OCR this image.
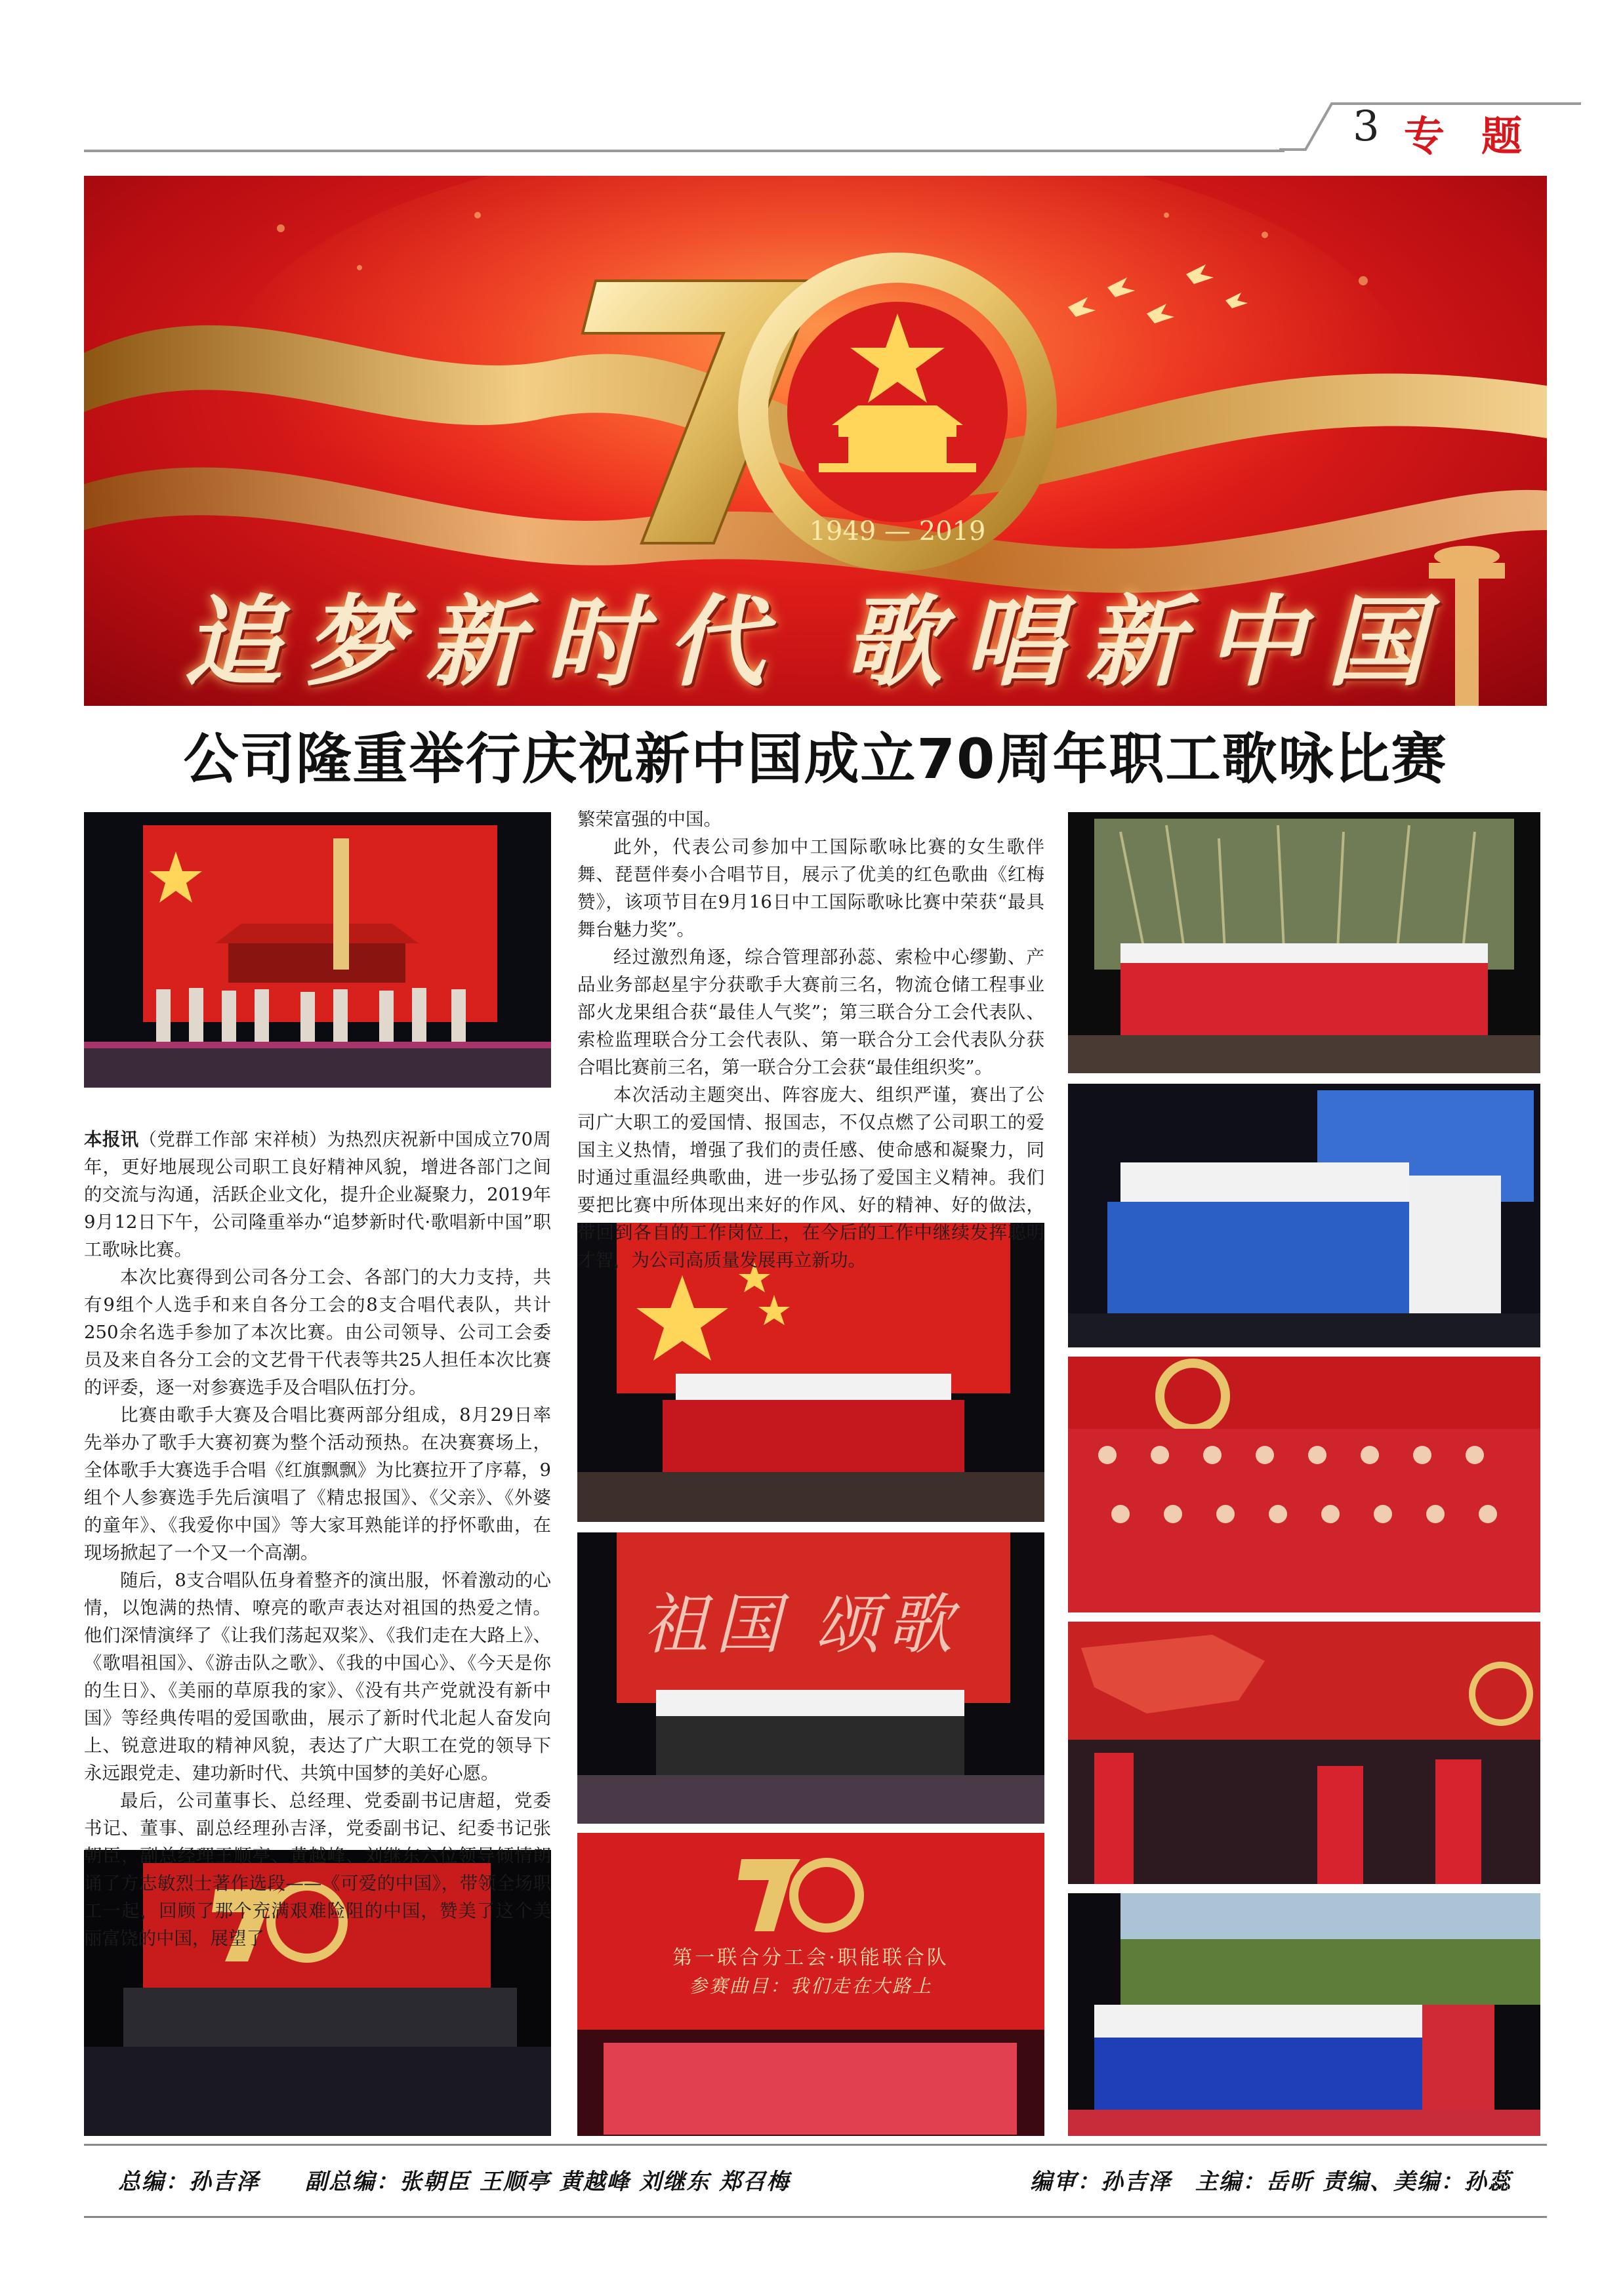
3 专题
1949 — 2019
追梦新时代 歌唱新中国
公司隆重举行庆祝新中国成立70周年职工歌咏比赛
祖国 颂歌
第一联合分工会·职能联合队
参赛曲目：我们走在大路上

本报讯（党群工作部 宋祥桢）为热烈庆祝新中国成立70周年，更好地展现公司职工良好精神风貌，增进各部门之间的交流与沟通，活跃企业文化，提升企业凝聚力，2019年9月12日下午，公司隆重举办“追梦新时代·歌唱新中国”职工歌咏比赛。

本次比赛得到公司各分工会、各部门的大力支持，共有9组个人选手和来自各分工会的8支合唱代表队，共计250余名选手参加了本次比赛。由公司领导、公司工会委员及来自各分工会的文艺骨干代表等共25人担任本次比赛的评委，逐一对参赛选手及合唱队伍打分。

比赛由歌手大赛及合唱比赛两部分组成，8月29日率先举办了歌手大赛初赛为整个活动预热。在决赛赛场上，全体歌手大赛选手合唱《红旗飘飘》为比赛拉开了序幕，9组个人参赛选手先后演唱了《精忠报国》、《父亲》、《外婆的童年》、《我爱你中国》等大家耳熟能详的抒怀歌曲，在现场掀起了一个又一个高潮。

随后，8支合唱队伍身着整齐的演出服，怀着激动的心情，以饱满的热情、嘹亮的歌声表达对祖国的热爱之情。他们深情演绎了《让我们荡起双桨》、《我们走在大路上》、《歌唱祖国》、《游击队之歌》、《我的中国心》、《今天是你的生日》、《美丽的草原我的家》、《没有共产党就没有新中国》等经典传唱的爱国歌曲，展示了新时代北起人奋发向上、锐意进取的精神风貌，表达了广大职工在党的领导下永远跟党走、建功新时代、共筑中国梦的美好心愿。

最后，公司董事长、总经理、党委副书记唐超，党委书记、董事、副总经理孙吉泽，党委副书记、纪委书记张朝臣，副总经理王顺亭、黄越峰、刘继东六位领导倾情朗诵了方志敏烈士著作选段——《可爱的中国》，带领全场职工一起，回顾了那个充满艰难险阻的中国，赞美了这个美丽富饶的中国，展望了

繁荣富强的中国。

此外，代表公司参加中工国际歌咏比赛的女生歌伴舞、琵琶伴奏小合唱节目，展示了优美的红色歌曲《红梅赞》，该项节目在9月16日中工国际歌咏比赛中荣获“最具舞台魅力奖”。

经过激烈角逐，综合管理部孙蕊、索检中心缪勤、产品业务部赵星宇分获歌手大赛前三名，物流仓储工程事业部火龙果组合获“最佳人气奖”；第三联合分工会代表队、索检监理联合分工会代表队、第一联合分工会代表队分获合唱比赛前三名，第一联合分工会获“最佳组织奖”。

本次活动主题突出、阵容庞大、组织严谨，赛出了公司广大职工的爱国情、报国志，不仅点燃了公司职工的爱国主义热情，增强了我们的责任感、使命感和凝聚力，同时通过重温经典歌曲，进一步弘扬了爱国主义精神。我们要把比赛中所体现出来好的作风、好的精神、好的做法，带回到各自的工作岗位上，在今后的工作中继续发挥聪明才智，为公司高质量发展再立新功。

总编：孙吉泽 副总编：张朝臣 王顺亭 黄越峰 刘继东 郑召梅	编审：孙吉泽 主编：岳昕 责编、美编：孙蕊
